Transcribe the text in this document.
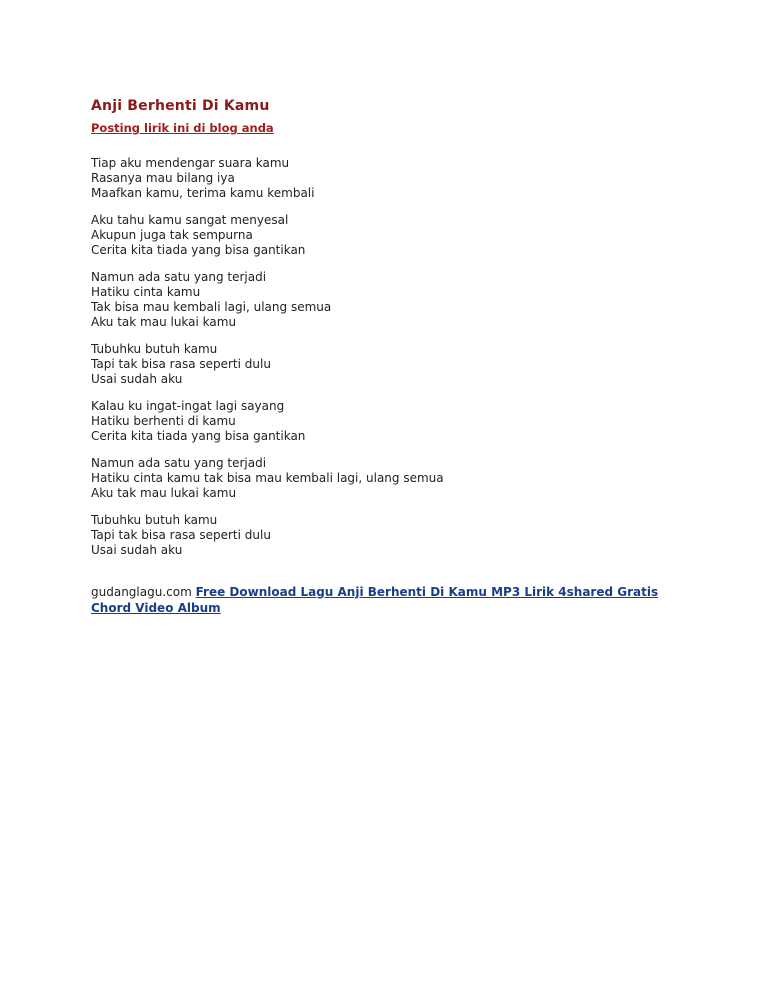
Anji Berhenti Di Kamu
Posting lirik ini di blog anda
Tiap aku mendengar suara kamu
Rasanya mau bilang iya
Maafkan kamu, terima kamu kembali
Aku tahu kamu sangat menyesal
Akupun juga tak sempurna
Cerita kita tiada yang bisa gantikan
Namun ada satu yang terjadi
Hatiku cinta kamu
Tak bisa mau kembali lagi, ulang semua
Aku tak mau lukai kamu
Tubuhku butuh kamu
Tapi tak bisa rasa seperti dulu
Usai sudah aku
Kalau ku ingat-ingat lagi sayang
Hatiku berhenti di kamu
Cerita kita tiada yang bisa gantikan
Namun ada satu yang terjadi
Hatiku cinta kamu tak bisa mau kembali lagi, ulang semua
Aku tak mau lukai kamu
Tubuhku butuh kamu
Tapi tak bisa rasa seperti dulu
Usai sudah aku
gudanglagu.com Free Download Lagu Anji Berhenti Di Kamu MP3 Lirik 4shared Gratis Chord Video Album
